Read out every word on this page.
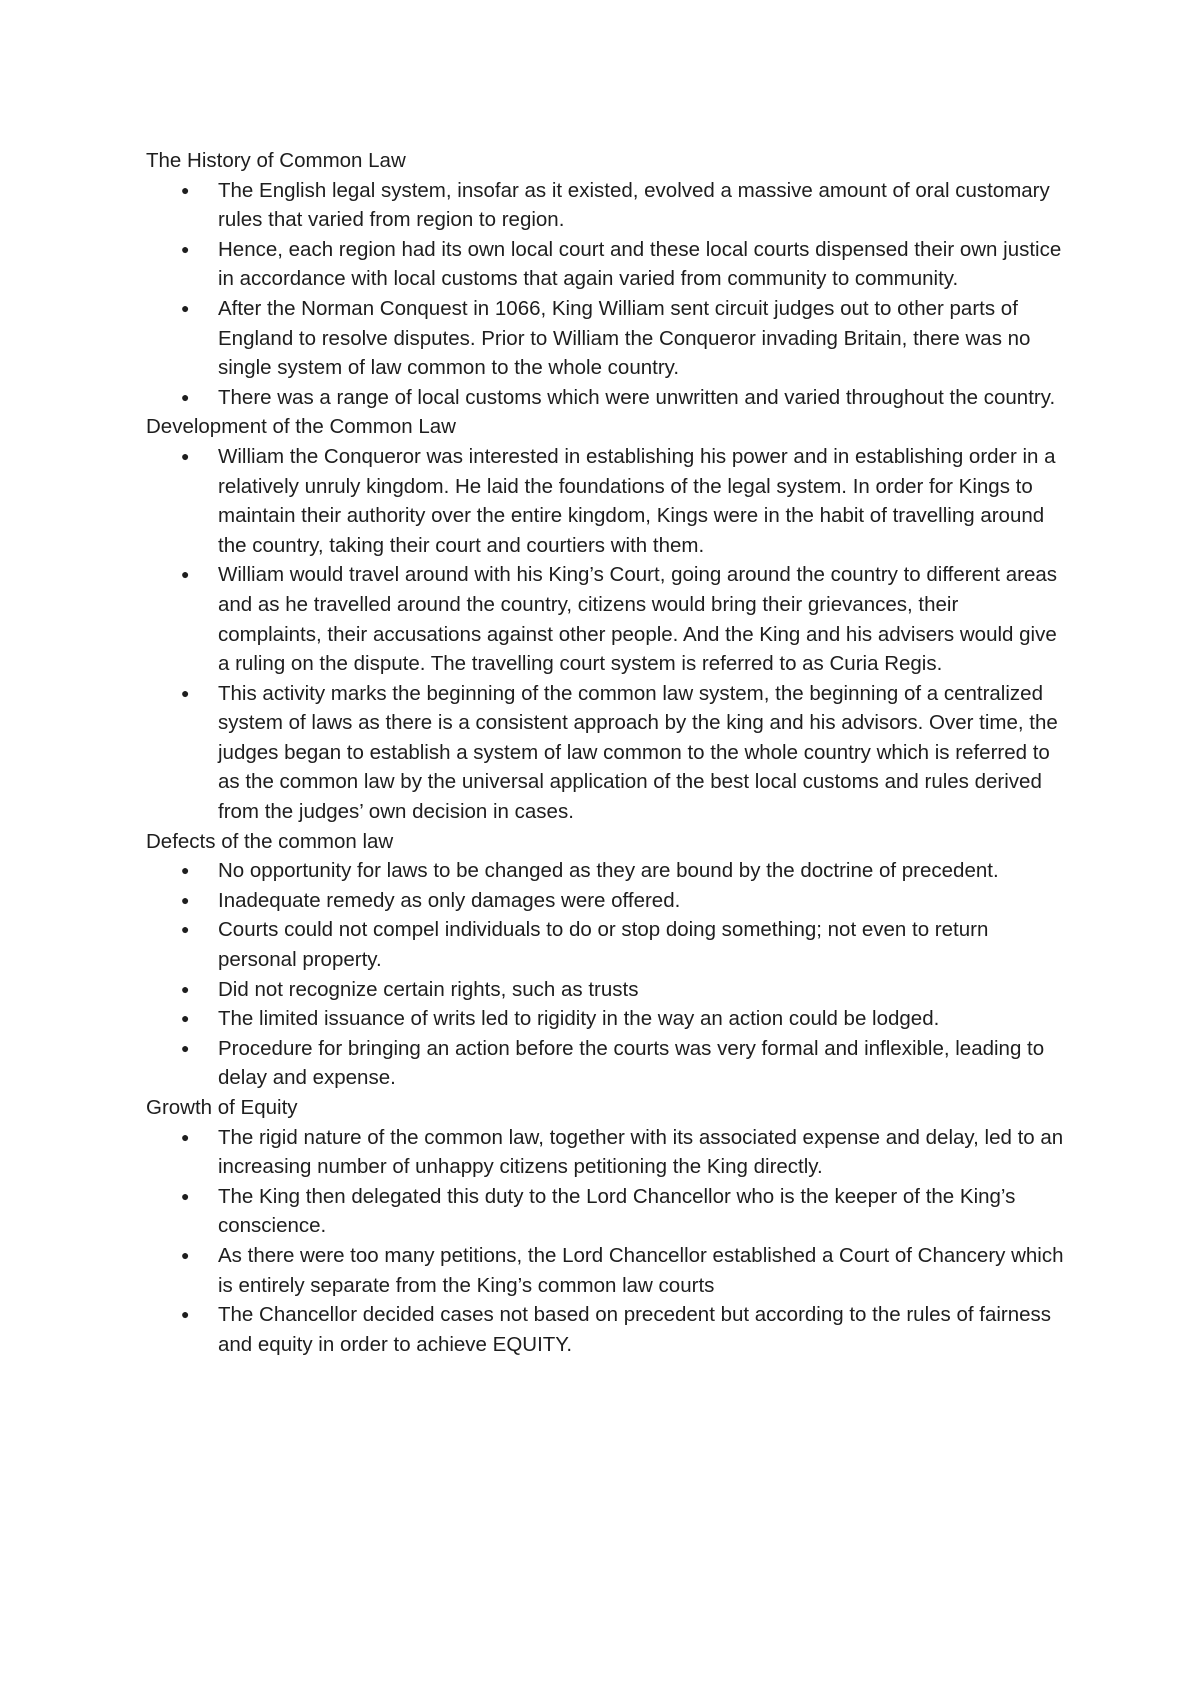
The History of Common Law

● The English legal system, insofar as it existed, evolved a massive amount of oral customary rules that varied from region to region.
● Hence, each region had its own local court and these local courts dispensed their own justice in accordance with local customs that again varied from community to community.
● After the Norman Conquest in 1066, King William sent circuit judges out to other parts of England to resolve disputes. Prior to William the Conqueror invading Britain, there was no single system of law common to the whole country.
● There was a range of local customs which were unwritten and varied throughout the country.

Development of the Common Law

● William the Conqueror was interested in establishing his power and in establishing order in a relatively unruly kingdom. He laid the foundations of the legal system. In order for Kings to maintain their authority over the entire kingdom, Kings were in the habit of travelling around the country, taking their court and courtiers with them.
● William would travel around with his King’s Court, going around the country to different areas and as he travelled around the country, citizens would bring their grievances, their complaints, their accusations against other people. And the King and his advisers would give a ruling on the dispute. The travelling court system is referred to as Curia Regis.
● This activity marks the beginning of the common law system, the beginning of a centralized system of laws as there is a consistent approach by the king and his advisors. Over time, the judges began to establish a system of law common to the whole country which is referred to as the common law by the universal application of the best local customs and rules derived from the judges’ own decision in cases.

Defects of the common law

● No opportunity for laws to be changed as they are bound by the doctrine of precedent.
● Inadequate remedy as only damages were offered.
● Courts could not compel individuals to do or stop doing something; not even to return personal property.
● Did not recognize certain rights, such as trusts
● The limited issuance of writs led to rigidity in the way an action could be lodged.
● Procedure for bringing an action before the courts was very formal and inflexible, leading to delay and expense.

Growth of Equity

● The rigid nature of the common law, together with its associated expense and delay, led to an increasing number of unhappy citizens petitioning the King directly.
● The King then delegated this duty to the Lord Chancellor who is the keeper of the King’s conscience.
● As there were too many petitions, the Lord Chancellor established a Court of Chancery which is entirely separate from the King’s common law courts
● The Chancellor decided cases not based on precedent but according to the rules of fairness and equity in order to achieve EQUITY.
